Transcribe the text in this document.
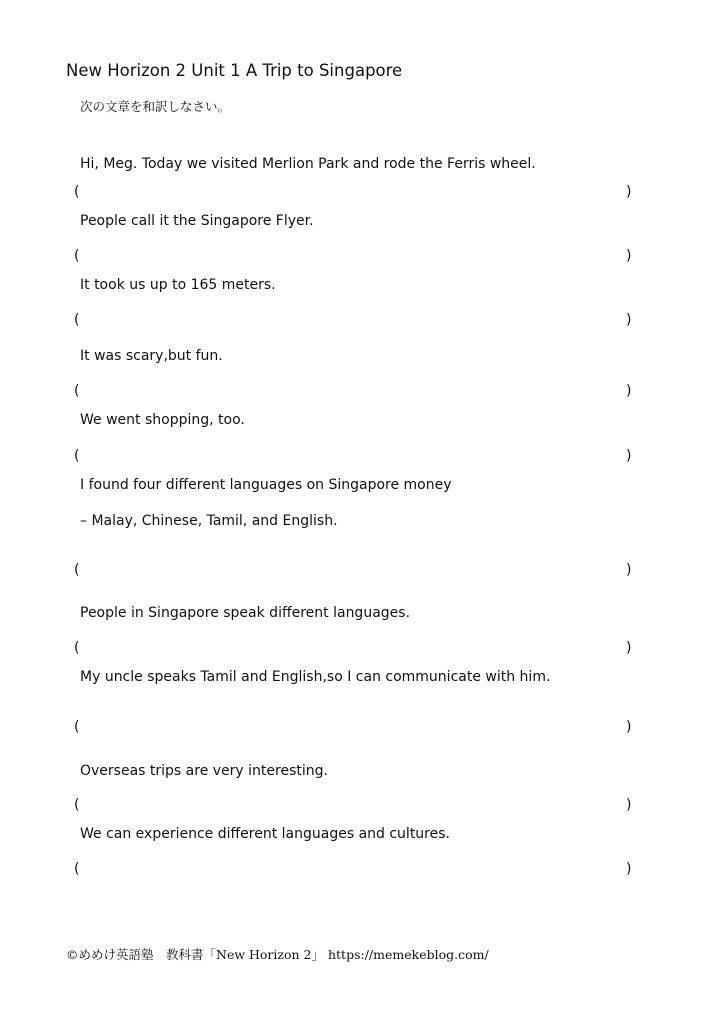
New Horizon 2 Unit 1 A Trip to Singapore
次の文章を和訳しなさい。
Hi, Meg. Today we visited Merlion Park and rode the Ferris wheel.
(	)
People call it the Singapore Flyer.
(	)
It took us up to 165 meters.
(	)
It was scary,but fun.
(	)
We went shopping, too.
(	)
I found four different languages on Singapore money
– Malay, Chinese, Tamil, and English.
(	)
People in Singapore speak different languages.
(	)
My uncle speaks Tamil and English,so I can communicate with him.
(	)
Overseas trips are very interesting.
(	)
We can experience different languages and cultures.
(	)
©めめけ英語塾　教科書「New Horizon 2」 https://memekeblog.com/
